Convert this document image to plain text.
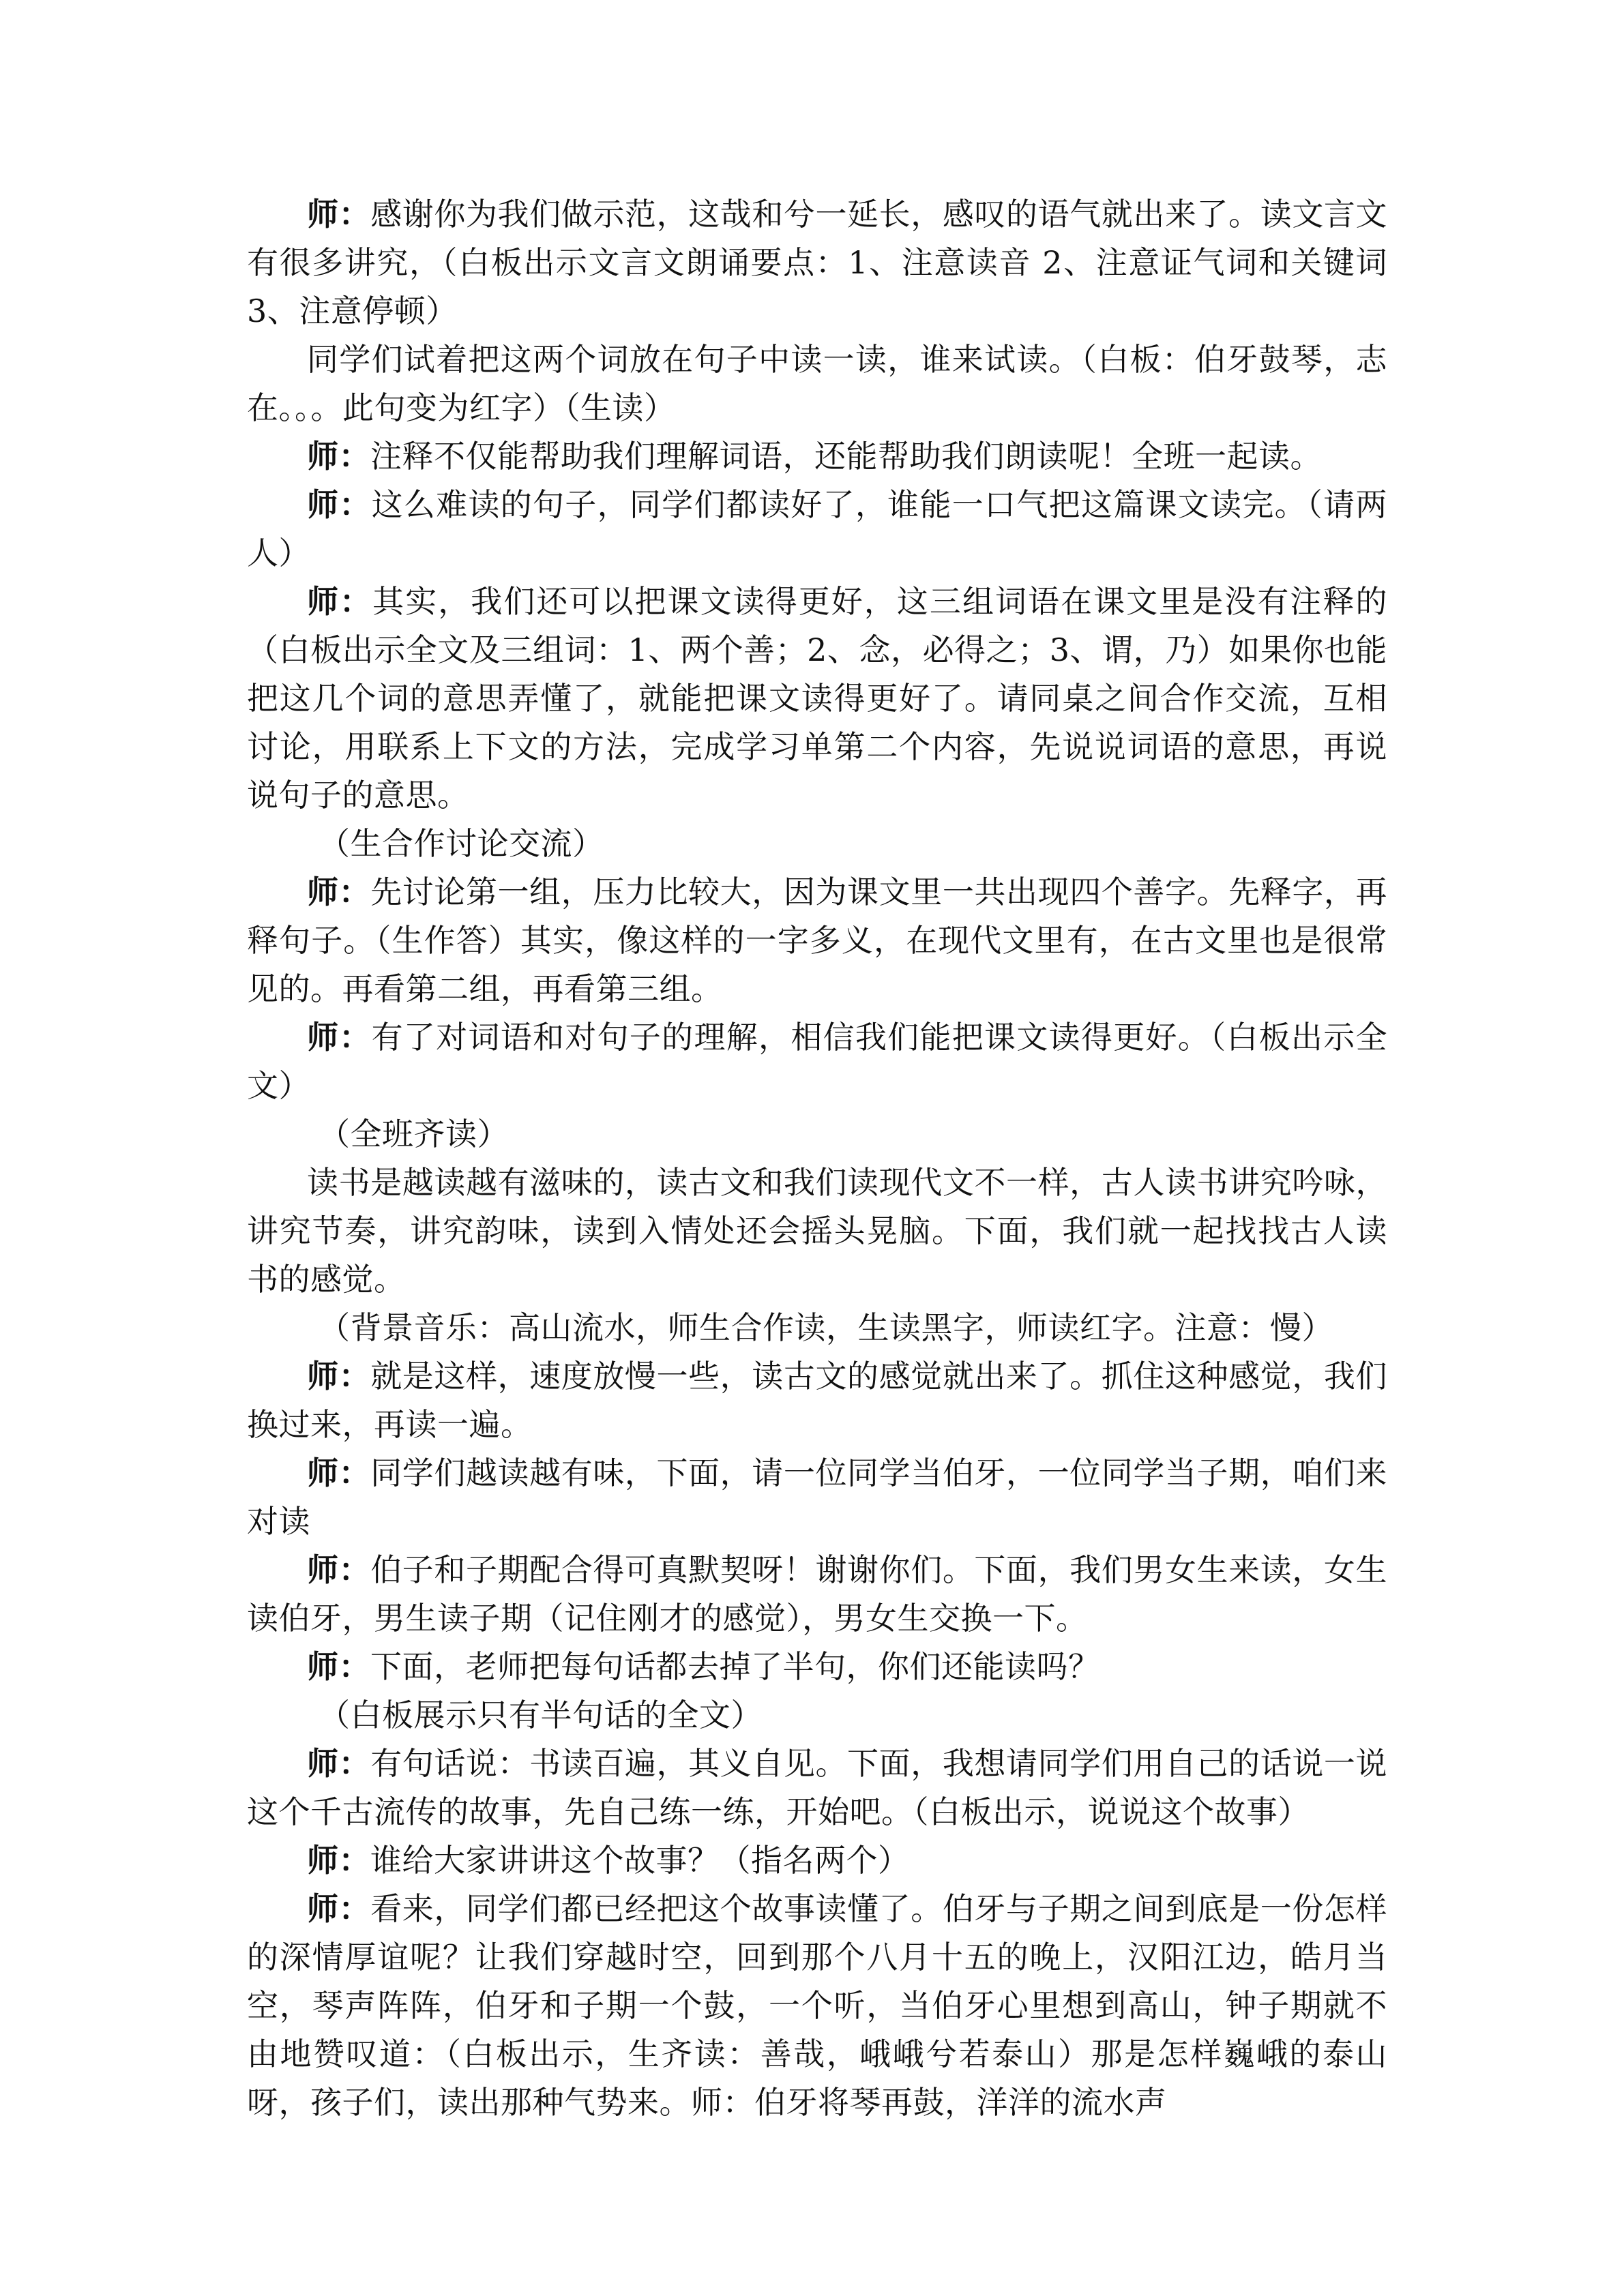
师：感谢你为我们做示范，这哉和兮一延长，感叹的语气就出来了。读文言文有很多讲究，（白板出示文言文朗诵要点：1、注意读音 2、注意证气词和关键词 3、注意停顿）

同学们试着把这两个词放在句子中读一读，谁来试读。（白板：伯牙鼓琴，志在。。。此句变为红字）（生读）

师：注释不仅能帮助我们理解词语，还能帮助我们朗读呢！全班一起读。

师：这么难读的句子，同学们都读好了，谁能一口气把这篇课文读完。（请两人）

师：其实，我们还可以把课文读得更好，这三组词语在课文里是没有注释的（白板出示全文及三组词：1、两个善；2、念，必得之；3、谓，乃）如果你也能把这几个词的意思弄懂了，就能把课文读得更好了。请同桌之间合作交流，互相讨论，用联系上下文的方法，完成学习单第二个内容，先说说词语的意思，再说说句子的意思。

（生合作讨论交流）

师：先讨论第一组，压力比较大，因为课文里一共出现四个善字。先释字，再释句子。（生作答）其实，像这样的一字多义，在现代文里有，在古文里也是很常见的。再看第二组，再看第三组。

师：有了对词语和对句子的理解，相信我们能把课文读得更好。（白板出示全文）

（全班齐读）

读书是越读越有滋味的，读古文和我们读现代文不一样，古人读书讲究吟咏，讲究节奏，讲究韵味，读到入情处还会摇头晃脑。下面，我们就一起找找古人读书的感觉。

（背景音乐：高山流水，师生合作读，生读黑字，师读红字。注意：慢）

师：就是这样，速度放慢一些，读古文的感觉就出来了。抓住这种感觉，我们换过来，再读一遍。

师：同学们越读越有味，下面，请一位同学当伯牙，一位同学当子期，咱们来对读

师：伯子和子期配合得可真默契呀！谢谢你们。下面，我们男女生来读，女生读伯牙，男生读子期（记住刚才的感觉），男女生交换一下。

师：下面，老师把每句话都去掉了半句，你们还能读吗？

（白板展示只有半句话的全文）

师：有句话说：书读百遍，其义自见。下面，我想请同学们用自己的话说一说这个千古流传的故事，先自己练一练，开始吧。（白板出示，说说这个故事）

师：谁给大家讲讲这个故事？（指名两个）

师：看来，同学们都已经把这个故事读懂了。伯牙与子期之间到底是一份怎样的深情厚谊呢？让我们穿越时空，回到那个八月十五的晚上，汉阳江边，皓月当空，琴声阵阵，伯牙和子期一个鼓，一个听，当伯牙心里想到高山，钟子期就不由地赞叹道：（白板出示，生齐读：善哉，峨峨兮若泰山）那是怎样巍峨的泰山呀，孩子们，读出那种气势来。师：伯牙将琴再鼓，洋洋的流水声
